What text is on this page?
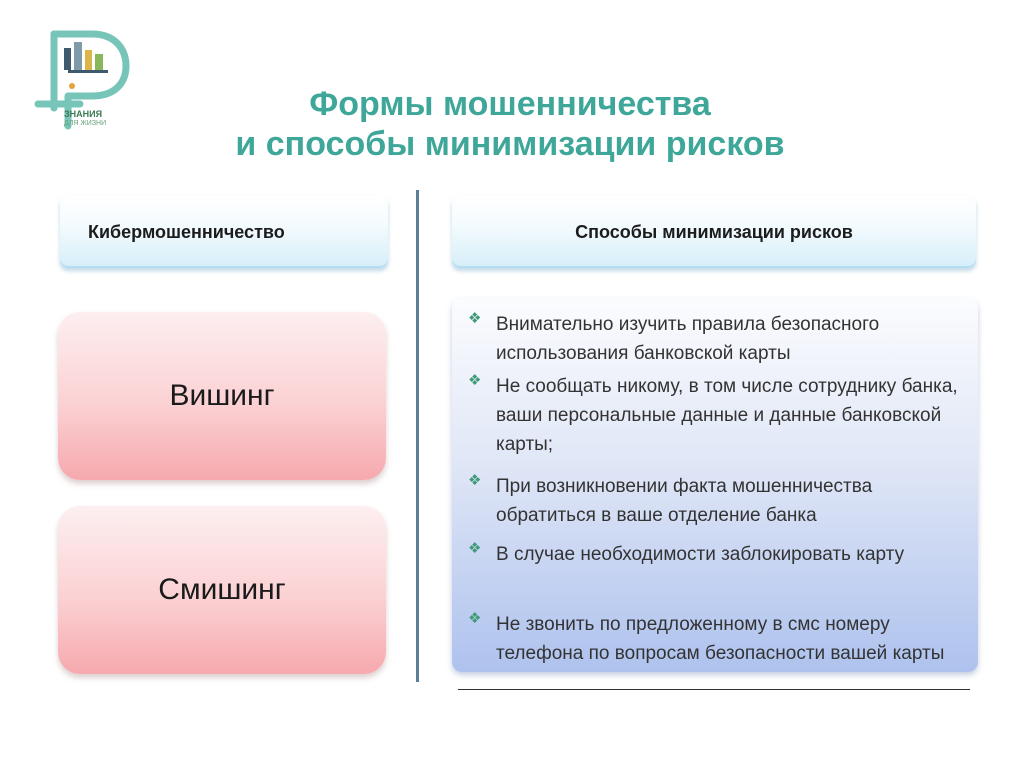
ЗНАНИЯ
ДЛЯ ЖИЗНИ
Формы мошенничества
и способы минимизации рисков
Кибермошенничество	Способы минимизации рисков
Вишинг
Смишинг
❖ Внимательно изучить правила безопасного использования банковской карты
❖ Не сообщать никому, в том числе сотруднику банка, ваши персональные данные и данные банковской карты;
❖ При возникновении факта мошенничества обратиться в ваше отделение банка
❖ В случае необходимости заблокировать карту
❖ Не звонить по предложенному в смс номеру телефона по вопросам безопасности вашей карты
